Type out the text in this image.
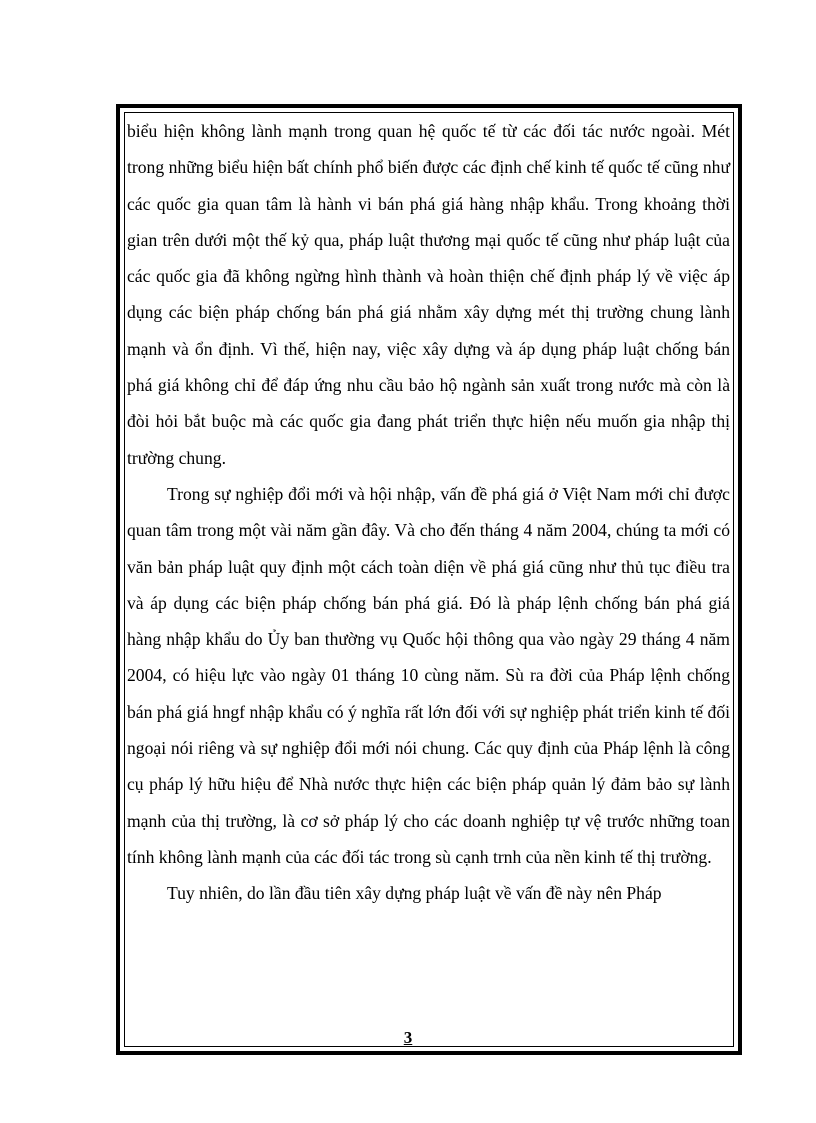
biểu hiện không lành mạnh trong quan hệ quốc tế từ các đối tác nước ngoài. Mét trong những biểu hiện bất chính phổ biến được các định chế kinh tế quốc tế cũng như các quốc gia quan tâm là hành vi bán phá giá hàng nhập khẩu. Trong khoảng thời gian trên dưới một thế kỷ qua, pháp luật thương mại quốc tế cũng như pháp luật của các quốc gia đã không ngừng hình thành và hoàn thiện chế định pháp lý về việc áp dụng các biện pháp chống bán phá giá nhằm xây dựng mét thị trường chung lành mạnh và ổn định. Vì thế, hiện nay, việc xây dựng và áp dụng pháp luật chống bán phá giá không chỉ để đáp ứng nhu cầu bảo hộ ngành sản xuất trong nước mà còn là đòi hỏi bắt buộc mà các quốc gia đang phát triển thực hiện nếu muốn gia nhập thị trường chung.

Trong sự nghiệp đổi mới và hội nhập, vấn đề phá giá ở Việt Nam mới chỉ được quan tâm trong một vài năm gần đây. Và cho đến tháng 4 năm 2004, chúng ta mới có văn bản pháp luật quy định một cách toàn diện về phá giá cũng như thủ tục điều tra và áp dụng các biện pháp chống bán phá giá. Đó là pháp lệnh chống bán phá giá hàng nhập khẩu do Ủy ban thường vụ Quốc hội thông qua vào ngày 29 tháng 4 năm 2004, có hiệu lực vào ngày 01 tháng 10 cùng năm. Sù ra đời của Pháp lệnh chống bán phá giá hngf nhập khẩu có ý nghĩa rất lớn đối với sự nghiệp phát triển kinh tế đối ngoại nói riêng và sự nghiệp đổi mới nói chung. Các quy định của Pháp lệnh là công cụ pháp lý hữu hiệu để Nhà nước thực hiện các biện pháp quản lý đảm bảo sự lành mạnh của thị trường, là cơ sở pháp lý cho các doanh nghiệp tự vệ trước những toan tính không lành mạnh của các đối tác trong sù cạnh trnh của nền kinh tế thị trường.

Tuy nhiên, do lần đầu tiên xây dựng pháp luật về vấn đề này nên Pháp

3
